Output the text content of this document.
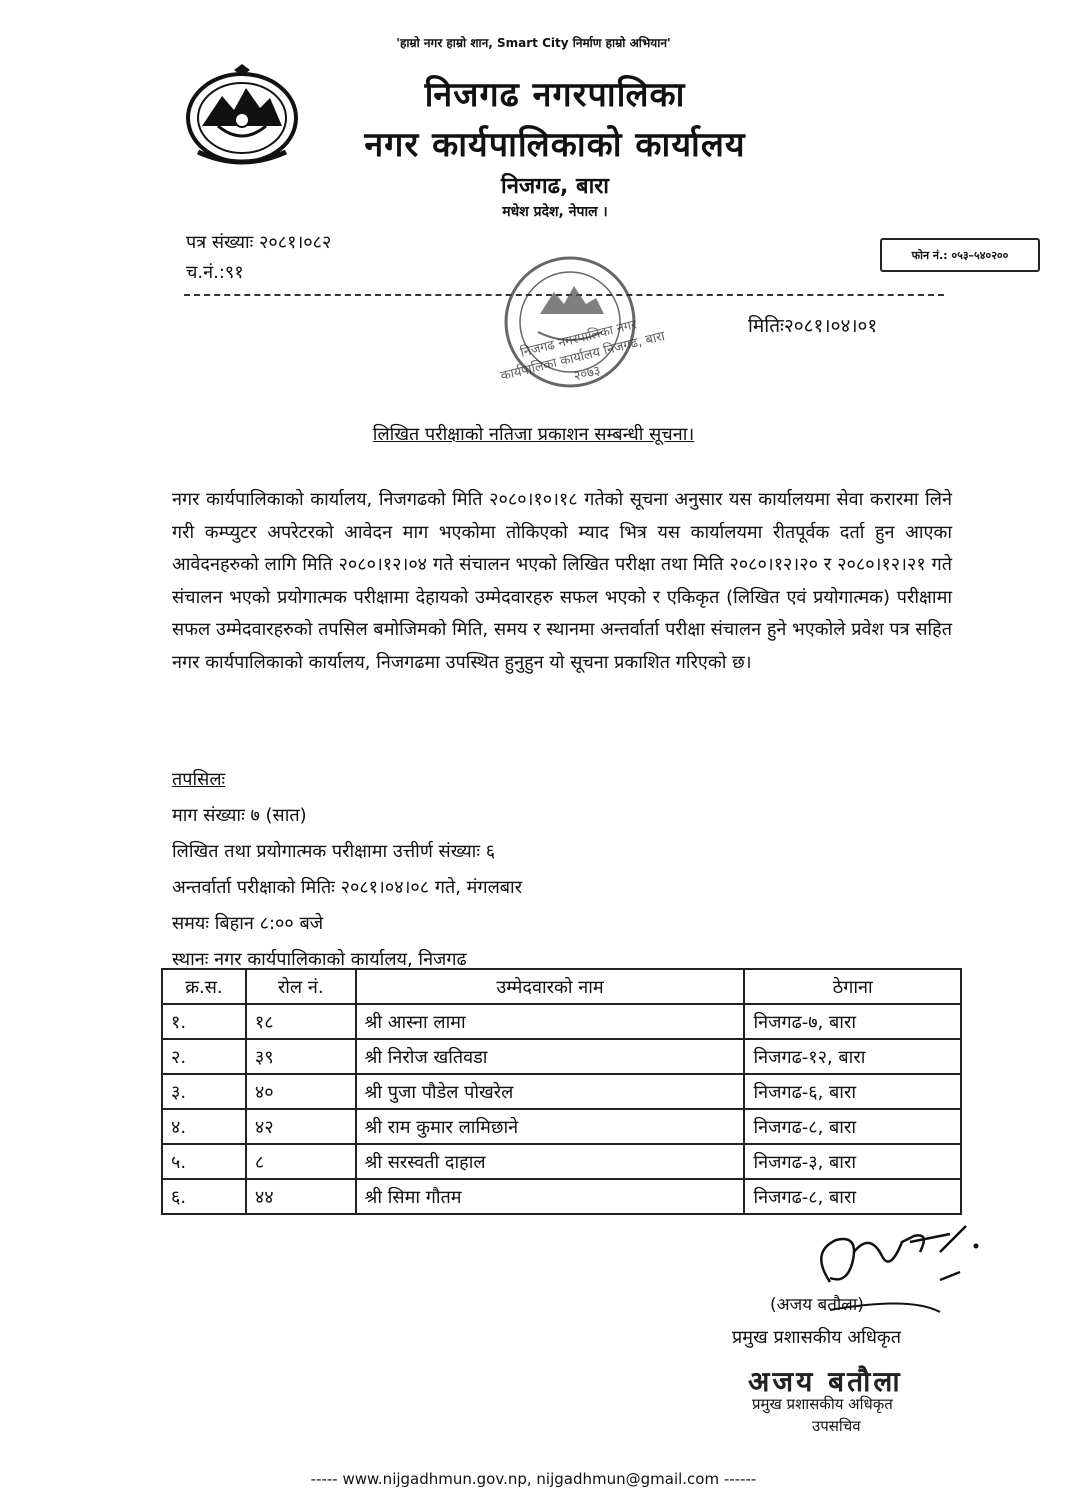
'हाम्रो नगर हाम्रो शान, Smart City निर्माण हाम्रो अभियान'
निजगढ नगरपालिका
नगर कार्यपालिकाको कार्यालय
निजगढ, बारा
मधेश प्रदेश, नेपाल ।
पत्र संख्याः २०८१।०८२
च.नं.:९१
फोन नं.: ०५३–५४०२००
निजगढ नगरपालिका नगर कार्यपालिका कार्यालय निजगढ, बारा २०७३
मितिः२०८१।०४।०१
लिखित परीक्षाको नतिजा प्रकाशन सम्बन्धी सूचना।
नगर कार्यपालिकाको कार्यालय, निजगढको मिति २०८०।१०।१८ गतेको सूचना अनुसार यस कार्यालयमा सेवा करारमा लिने गरी कम्प्युटर अपरेटरको आवेदन माग भएकोमा तोकिएको म्याद भित्र यस कार्यालयमा रीतपूर्वक दर्ता हुन आएका आवेदनहरुको लागि मिति २०८०।१२।०४ गते संचालन भएको लिखित परीक्षा तथा मिति २०८०।१२।२० र २०८०।१२।२१ गते संचालन भएको प्रयोगात्मक परीक्षामा देहायको उम्मेदवारहरु सफल भएको र एकिकृत (लिखित एवं प्रयोगात्मक) परीक्षामा सफल उम्मेदवारहरुको तपसिल बमोजिमको मिति, समय र स्थानमा अन्तर्वार्ता परीक्षा संचालन हुने भएकोले प्रवेश पत्र सहित नगर कार्यपालिकाको कार्यालय, निजगढमा उपस्थित हुनुहुन यो सूचना प्रकाशित गरिएको छ।
तपसिलः
माग संख्याः ७ (सात)
लिखित तथा प्रयोगात्मक परीक्षामा उत्तीर्ण संख्याः ६
अन्तर्वार्ता परीक्षाको मितिः २०८१।०४।०८ गते, मंगलबार
समयः बिहान ८:०० बजे
स्थानः नगर कार्यपालिकाको कार्यालय, निजगढ
क्र.स.	रोल नं.	उम्मेदवारको नाम	ठेगाना
१.	१८	श्री आस्ना लामा	निजगढ-७, बारा
२.	३९	श्री निरोज खतिवडा	निजगढ-१२, बारा
३.	४०	श्री पुजा पौडेल पोखरेल	निजगढ-६, बारा
४.	४२	श्री राम कुमार लामिछाने	निजगढ-८, बारा
५.	८	श्री सरस्वती दाहाल	निजगढ-३, बारा
६.	४४	श्री सिमा गौतम	निजगढ-८, बारा
(अजय बतौला)
प्रमुख प्रशासकीय अधिकृत
अजय बतौला
प्रमुख प्रशासकीय अधिकृत
उपसचिव
----- www.nijgadhmun.gov.np, nijgadhmun@gmail.com ------
